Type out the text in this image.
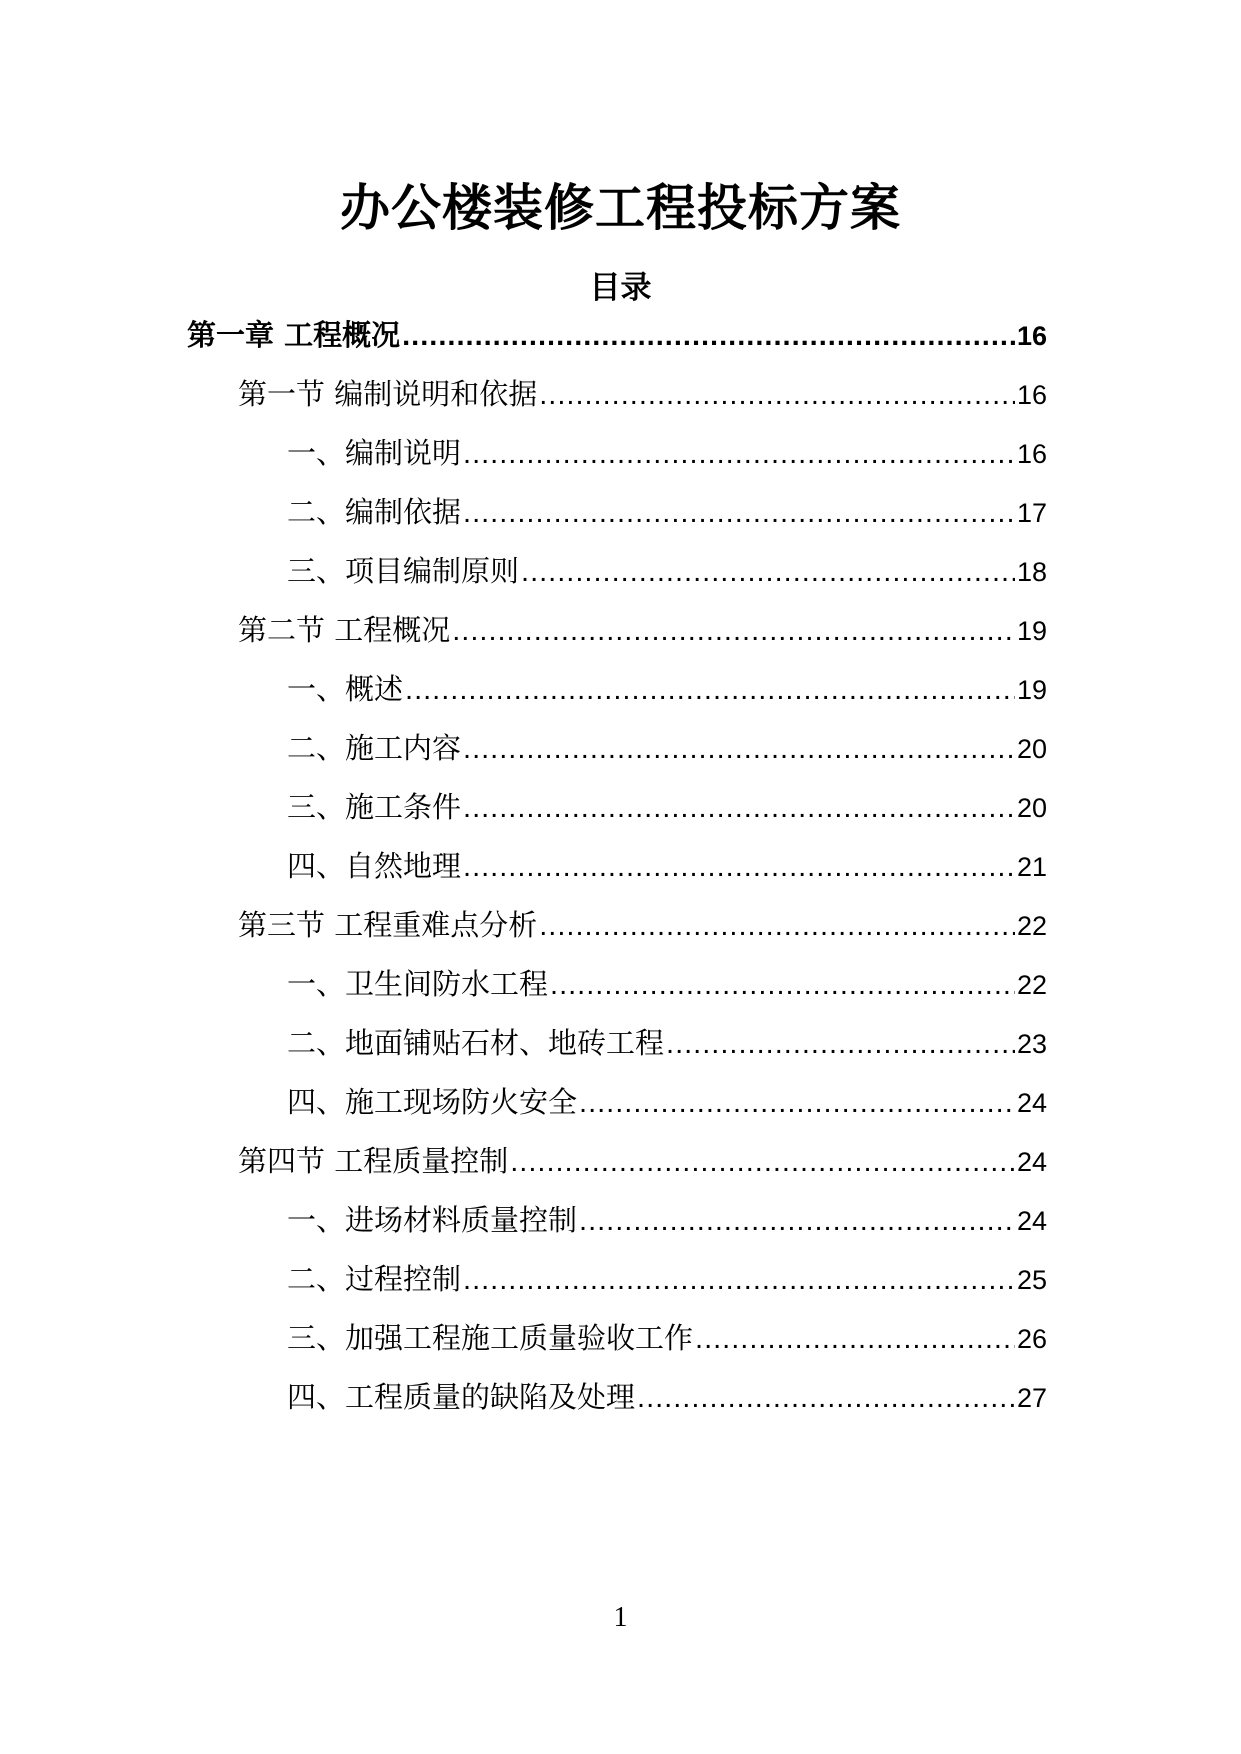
办公楼装修工程投标方案
目录
第一章 工程概况 .....	16
第一节 编制说明和依据 .....	16
一、编制说明 .....	16
二、编制依据 .....	17
三、项目编制原则 .....	18
第二节 工程概况 .....	19
一、概述 .....	19
二、施工内容 .....	20
三、施工条件 .....	20
四、自然地理 .....	21
第三节 工程重难点分析 .....	22
一、卫生间防水工程 .....	22
二、地面铺贴石材、地砖工程 .....	23
四、施工现场防火安全 .....	24
第四节 工程质量控制 .....	24
一、进场材料质量控制 .....	24
二、过程控制 .....	25
三、加强工程施工质量验收工作 .....	26
四、工程质量的缺陷及处理 .....	27
1
